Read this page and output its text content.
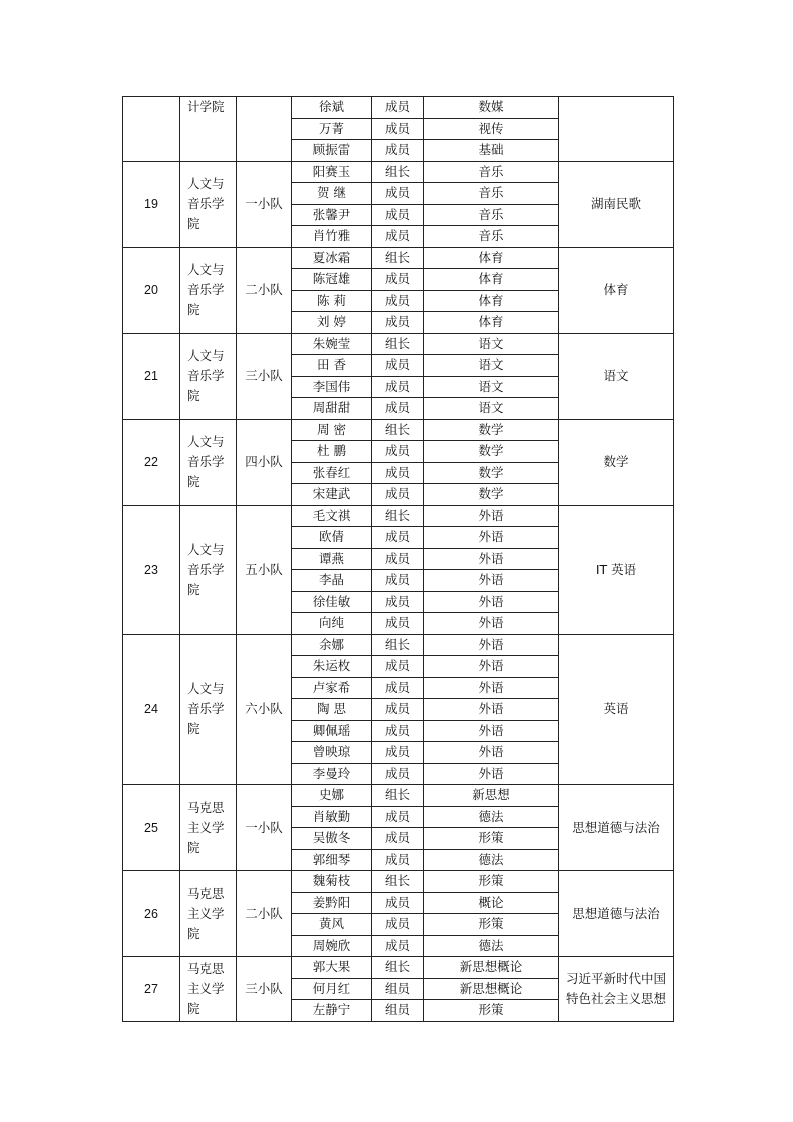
	计学院		徐斌	成员	数媒	
			万菁	成员	视传	
			顾振雷	成员	基础	
19	人文与音乐学院	一小队	阳赛玉	组长	音乐	湖南民歌
			贺 继	成员	音乐	
			张馨尹	成员	音乐	
			肖竹雅	成员	音乐	
20	人文与音乐学院	二小队	夏冰霜	组长	体育	体育
			陈冠雄	成员	体育	
			陈 莉	成员	体育	
			刘 婷	成员	体育	
21	人文与音乐学院	三小队	朱婉莹	组长	语文	语文
			田 香	成员	语文	
			李国伟	成员	语文	
			周甜甜	成员	语文	
22	人文与音乐学院	四小队	周 密	组长	数学	数学
			杜 鹏	成员	数学	
			张春红	成员	数学	
			宋建武	成员	数学	
23	人文与音乐学院	五小队	毛文祺	组长	外语	IT 英语
			欧倩	成员	外语	
			谭燕	成员	外语	
			李晶	成员	外语	
			徐佳敏	成员	外语	
			向纯	成员	外语	
24	人文与音乐学院	六小队	余娜	组长	外语	英语
			朱运枚	成员	外语	
			卢家希	成员	外语	
			陶 思	成员	外语	
			卿佩瑶	成员	外语	
			曾映琼	成员	外语	
			李曼玲	成员	外语	
25	马克思主义学院	一小队	史娜	组长	新思想	思想道德与法治
			肖敏勤	成员	德法	
			吴傲冬	成员	形策	
			郭细琴	成员	德法	
26	马克思主义学院	二小队	魏菊枝	组长	形策	思想道德与法治
			姜黔阳	成员	概论	
			黄风	成员	形策	
			周婉欣	成员	德法	
27	马克思主义学院	三小队	郭大果	组长	新思想概论	习近平新时代中国特色社会主义思想
			何月红	组员	新思想概论	
			左静宁	组员	形策	
